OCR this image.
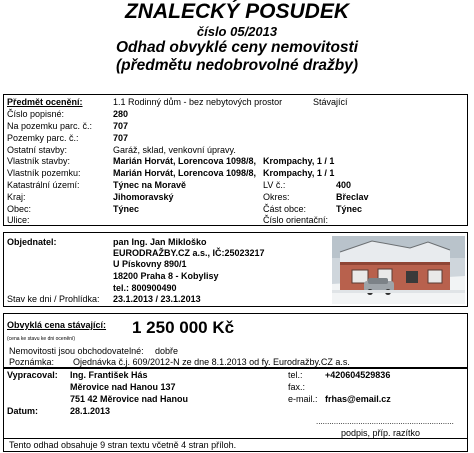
ZNALECKÝ POSUDEK
číslo 05/2013
Odhad obvyklé ceny nemovitosti
(předmětu nedobrovolné dražby)
Předmět ocenění:	1.1 Rodinný dům - bez nebytových prostor	Stávající
Číslo popisné:	280
Na pozemku parc. č.: 707
Pozemky parc. č.:	707
Ostatní stavby:	Garáž, sklad, venkovní úpravy.
Vlastník stavby:	Marián Horvát, Lorencova 1098/8, Krompachy, 1 / 1
Vlastník pozemku:	Marián Horvát, Lorencova 1098/8, Krompachy, 1 / 1
Katastrální území:	Týnec na Moravě	LV č.:	400
Kraj:	Jihomoravský	Okres:	Břeclav
Obec:	Týnec	Část obce:	Týnec
Ulice:	Číslo orientační:
Objednatel:	pan Ing. Jan Mikloško
EURODRAŽBY.CZ a.s., IČ:25023217
U Pískovny 890/1
18200 Praha 8 - Kobylisy
tel.: 800900490
Stav ke dni / Prohlídka: 23.1.2013 / 23.1.2013
Obvyklá cena stávající:
(cena ke stavu ke dni ocenění)
1 250 000 Kč
Nemovitosti jsou obchodovatelné: dobře
Poznámka: Ojednávka č.j. 609/2012-N ze dne 8.1.2013 od fy. Eurodražby.CZ a.s.
Vypracoval: Ing. František Hás
Měrovice nad Hanou 137
751 42 Měrovice nad Hanou
tel.: +420604529836
fax.:
e-mail.: frhas@email.cz
Datum:	28.1.2013
..............................................................
podpis, příp. razítko
Tento odhad obsahuje 9 stran textu včetně 4 stran příloh.
